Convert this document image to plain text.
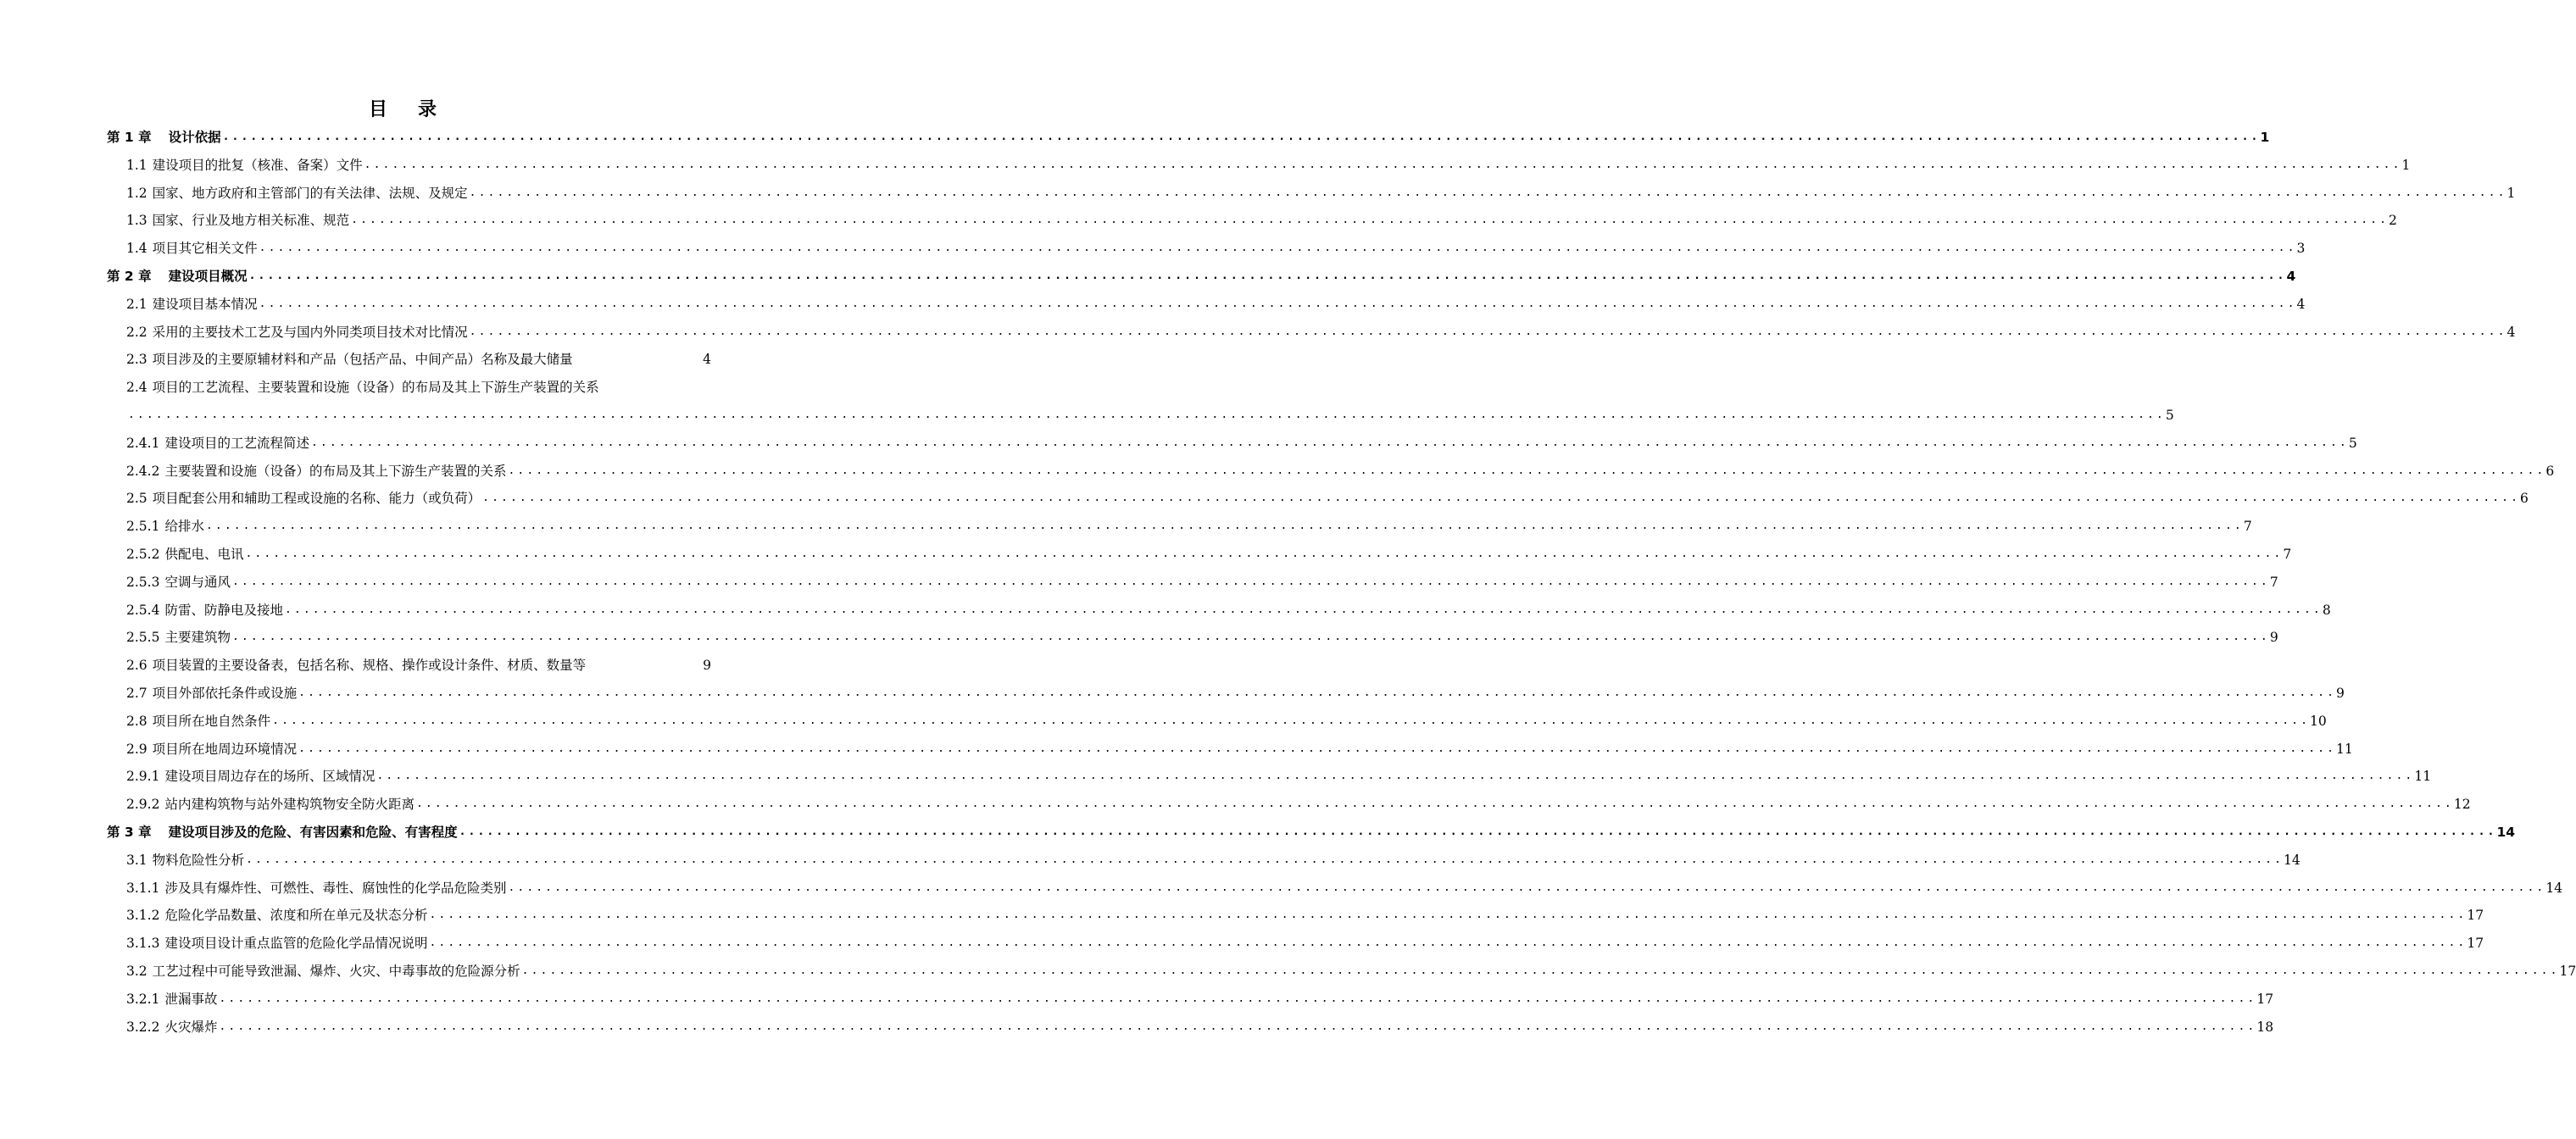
目 录
第 1 章 设计依据 ............................................................................................................................................................................................................................ 1
1.1 建设项目的批复（核准、备案）文件 ............................................................................................................................................................................................................................ 1
1.2 国家、地方政府和主管部门的有关法律、法规、及规定 ............................................................................................................................................................................................................................ 1
1.3 国家、行业及地方相关标准、规范 ............................................................................................................................................................................................................................ 2
1.4 项目其它相关文件 ............................................................................................................................................................................................................................ 3
第 2 章 建设项目概况 ............................................................................................................................................................................................................................ 4
2.1 建设项目基本情况 ............................................................................................................................................................................................................................ 4
2.2 采用的主要技术工艺及与国内外同类项目技术对比情况 ............................................................................................................................................................................................................................ 4
2.3 项目涉及的主要原辅材料和产品（包括产品、中间产品）名称及最大储量	4
2.4 项目的工艺流程、主要装置和设施（设备）的布局及其上下游生产装置的关系
............................................................................................................................................................................................................................ 5
2.4.1 建设项目的工艺流程简述 ............................................................................................................................................................................................................................ 5
2.4.2 主要装置和设施（设备）的布局及其上下游生产装置的关系 ............................................................................................................................................................................................................................ 6
2.5 项目配套公用和辅助工程或设施的名称、能力（或负荷） ............................................................................................................................................................................................................................ 6
2.5.1 给排水 ............................................................................................................................................................................................................................ 7
2.5.2 供配电、电讯 ............................................................................................................................................................................................................................ 7
2.5.3 空调与通风 ............................................................................................................................................................................................................................ 7
2.5.4 防雷、防静电及接地 ............................................................................................................................................................................................................................ 8
2.5.5 主要建筑物 ............................................................................................................................................................................................................................ 9
2.6 项目装置的主要设备表，包括名称、规格、操作或设计条件、材质、数量等	9
2.7 项目外部依托条件或设施 ............................................................................................................................................................................................................................ 9
2.8 项目所在地自然条件 ............................................................................................................................................................................................................................ 10
2.9 项目所在地周边环境情况 ............................................................................................................................................................................................................................ 11
2.9.1 建设项目周边存在的场所、区域情况 ............................................................................................................................................................................................................................ 11
2.9.2 站内建构筑物与站外建构筑物安全防火距离 ............................................................................................................................................................................................................................ 12
第 3 章 建设项目涉及的危险、有害因素和危险、有害程度 ............................................................................................................................................................................................................................ 14
3.1 物料危险性分析 ............................................................................................................................................................................................................................ 14
3.1.1 涉及具有爆炸性、可燃性、毒性、腐蚀性的化学品危险类别 ............................................................................................................................................................................................................................ 14
3.1.2 危险化学品数量、浓度和所在单元及状态分析 ............................................................................................................................................................................................................................ 17
3.1.3 建设项目设计重点监管的危险化学品情况说明 ............................................................................................................................................................................................................................ 17
3.2 工艺过程中可能导致泄漏、爆炸、火灾、中毒事故的危险源分析 ............................................................................................................................................................................................................................ 17
3.2.1 泄漏事故 ............................................................................................................................................................................................................................ 17
3.2.2 火灾爆炸 ............................................................................................................................................................................................................................ 18
